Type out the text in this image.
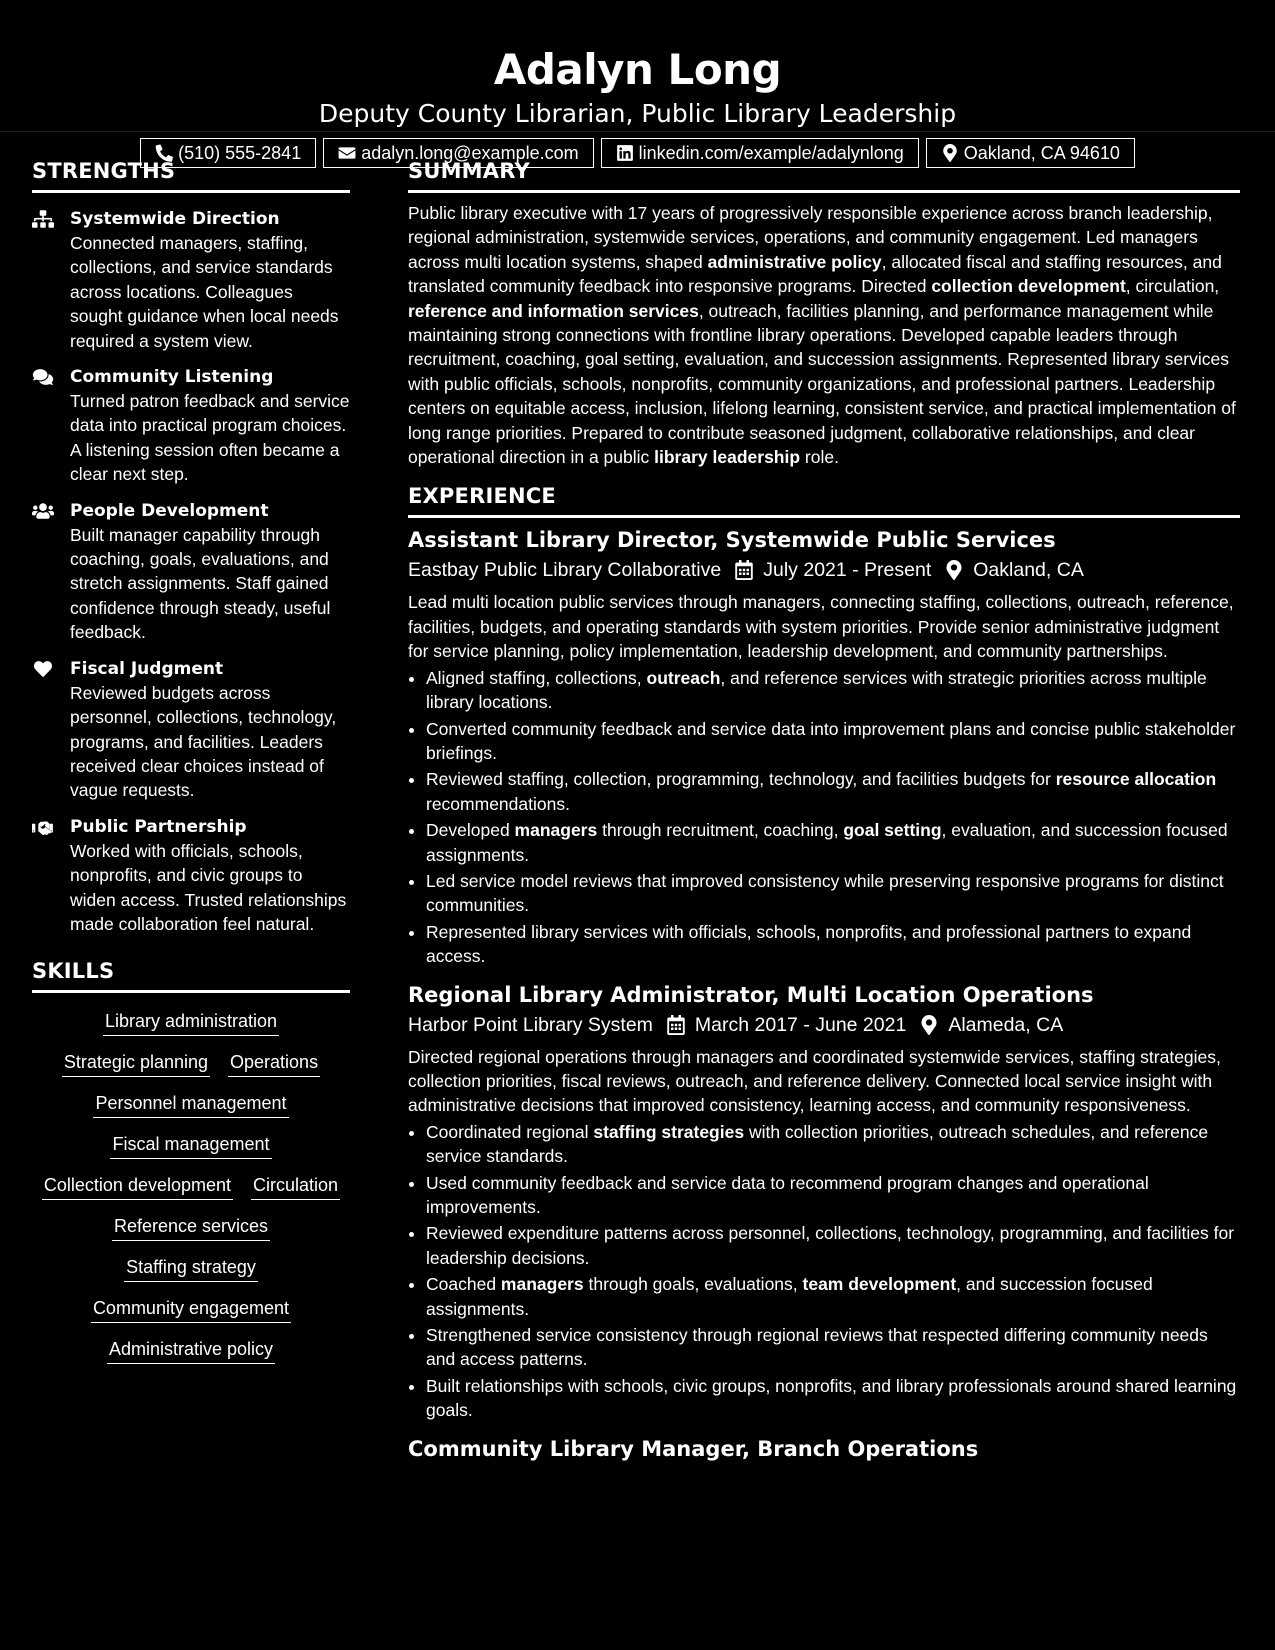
Adalyn Long
Deputy County Librarian, Public Library Leadership
(510) 555-2841	adalyn.long@example.com	linkedin.com/example/adalynlong	Oakland, CA 94610
STRENGTHS
Systemwide Direction
Connected managers, staffing, collections, and service standards across locations. Colleagues sought guidance when local needs required a system view.
Community Listening
Turned patron feedback and service data into practical program choices. A listening session often became a clear next step.
People Development
Built manager capability through coaching, goals, evaluations, and stretch assignments. Staff gained confidence through steady, useful feedback.
Fiscal Judgment
Reviewed budgets across personnel, collections, technology, programs, and facilities. Leaders received clear choices instead of vague requests.
Public Partnership
Worked with officials, schools, nonprofits, and civic groups to widen access. Trusted relationships made collaboration feel natural.
SKILLS
Library administration
Strategic planning Operations
Personnel management
Fiscal management
Collection development Circulation
Reference services
Staffing strategy
Community engagement
Administrative policy
SUMMARY
Public library executive with 17 years of progressively responsible experience across branch leadership, regional administration, systemwide services, operations, and community engagement. Led managers across multi location systems, shaped administrative policy, allocated fiscal and staffing resources, and translated community feedback into responsive programs. Directed collection development, circulation, reference and information services, outreach, facilities planning, and performance management while maintaining strong connections with frontline library operations. Developed capable leaders through recruitment, coaching, goal setting, evaluation, and succession assignments. Represented library services with public officials, schools, nonprofits, community organizations, and professional partners. Leadership centers on equitable access, inclusion, lifelong learning, consistent service, and practical implementation of long range priorities. Prepared to contribute seasoned judgment, collaborative relationships, and clear operational direction in a public library leadership role.
EXPERIENCE
Assistant Library Director, Systemwide Public Services
Eastbay Public Library Collaborative July 2021 - Present Oakland, CA
Lead multi location public services through managers, connecting staffing, collections, outreach, reference, facilities, budgets, and operating standards with system priorities. Provide senior administrative judgment for service planning, policy implementation, leadership development, and community partnerships.
• Aligned staffing, collections, outreach, and reference services with strategic priorities across multiple library locations.
• Converted community feedback and service data into improvement plans and concise public stakeholder briefings.
• Reviewed staffing, collection, programming, technology, and facilities budgets for resource allocation recommendations.
• Developed managers through recruitment, coaching, goal setting, evaluation, and succession focused assignments.
• Led service model reviews that improved consistency while preserving responsive programs for distinct communities.
• Represented library services with officials, schools, nonprofits, and professional partners to expand access.
Regional Library Administrator, Multi Location Operations
Harbor Point Library System March 2017 - June 2021 Alameda, CA
Directed regional operations through managers and coordinated systemwide services, staffing strategies, collection priorities, fiscal reviews, outreach, and reference delivery. Connected local service insight with administrative decisions that improved consistency, learning access, and community responsiveness.
• Coordinated regional staffing strategies with collection priorities, outreach schedules, and reference service standards.
• Used community feedback and service data to recommend program changes and operational improvements.
• Reviewed expenditure patterns across personnel, collections, technology, programming, and facilities for leadership decisions.
• Coached managers through goals, evaluations, team development, and succession focused assignments.
• Strengthened service consistency through regional reviews that respected differing community needs and access patterns.
• Built relationships with schools, civic groups, nonprofits, and library professionals around shared learning goals.
Community Library Manager, Branch Operations
